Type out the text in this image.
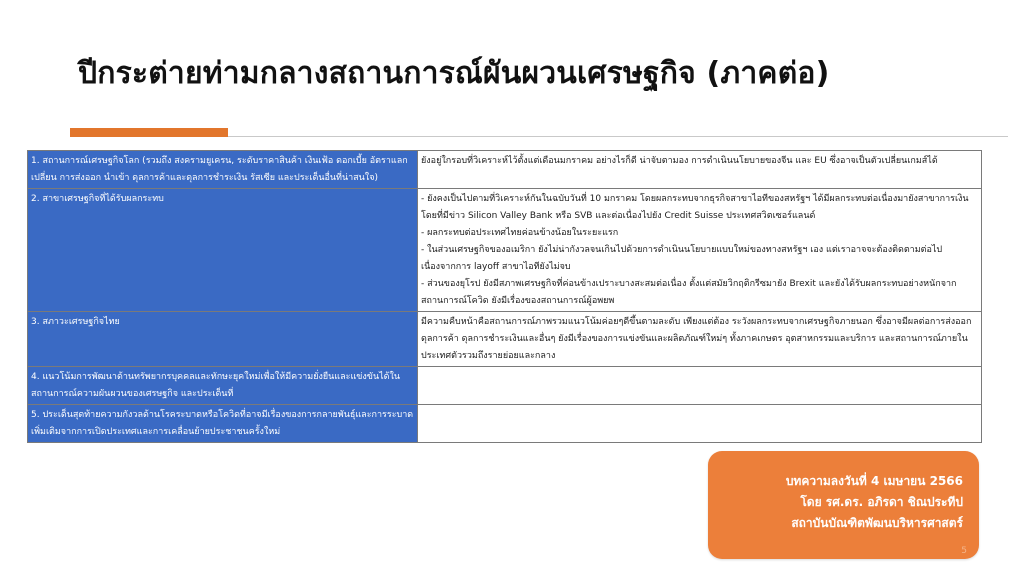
ปีกระต่ายท่ามกลางสถานการณ์ผันผวนเศรษฐกิจ (ภาคต่อ)
1. สถานการณ์เศรษฐกิจโลก (รวมถึง สงครามยูเครน, ระดับราคาสินค้า เงินเฟ้อ ดอกเบี้ย อัตราแลกเปลี่ยน การส่งออก นำเข้า ดุลการค้าและดุลการชำระเงิน รัสเซีย และประเด็นอื่นที่น่าสนใจ)	ยังอยู่ใกรอบที่วิเคราะห์ไว้ตั้งแต่เดือนมกราคม อย่างไรก็ดี น่าจับตามอง การดำเนินนโยบายของจีน และ EU ซึ่งอาจเป็นตัวเปลี่ยนเกมส์ได้

2. สาขาเศรษฐกิจที่ได้รับผลกระทบ	- ยังคงเป็นไปตามที่วิเคราะห์กันในฉบับวันที่ 10 มกราคม โดยผลกระทบจากธุรกิจสาขาไอทีของสหรัฐฯ ได้มีผลกระทบต่อเนื่องมายังสาขาการเงินโดยที่มีข่าว Silicon Valley Bank หรือ SVB และต่อเนื่องไปยัง Credit Suisse ประเทศสวิตเซอร์แลนด์
- ผลกระทบต่อประเทศไทยค่อนข้างน้อยในระยะแรก
- ในส่วนเศรษฐกิจของอเมริกา ยังไม่น่ากังวลจนเกินไปด้วยการดำเนินนโยบายแบบใหม่ของทางสหรัฐฯ เอง แต่เราอาจจะต้องติดตามต่อไป เนื่องจากการ layoff สาขาไอทียังไม่จบ
- ส่วนของยุโรป ยังมีสภาพเศรษฐกิจที่ค่อนข้างเปราะบางสะสมต่อเนื่อง ตั้งแต่สมัยวิกฤติกรีซมายัง Brexit และยังได้รับผลกระทบอย่างหนักจากสถานการณ์โควิด ยังมีเรื่องของสถานการณ์ผู้อพยพ

3. สภาวะเศรษฐกิจไทย	มีความคืบหน้าคือสถานการณ์ภาพรวมแนวโน้มค่อยๆดีขึ้นตามละดับ เพียงแต่ต้อง ระวังผลกระทบจากเศรษฐกิจภายนอก ซึ่งอาจมีผลต่อการส่งออก ดุลการค้า ดุลการชำระเงินและอื่นๆ ยังมีเรื่องของการแข่งขันและผลิตภัณฑ์ใหม่ๆ ทั้งภาคเกษตร อุตสาหกรรมและบริการ และสถานการณ์ภายในประเทศตัวรวมถึงรายย่อยและกลาง

4. แนวโน้มการพัฒนาด้านทรัพยากรบุคคลและทักษะยุคใหม่เพื่อให้มีความยั่งยืนและแข่งขันได้ในสถานการณ์ความผันผวนของเศรษฐกิจ และประเด็นที่	
5. ประเด็นสุดท้ายความกังวลด้านโรคระบาดหรือโควิดที่อาจมีเรื่องของการกลายพันธุ์และการระบาดเพิ่มเติมจากการเปิดประเทศและการเคลื่อนย้ายประชาชนครั้งใหม่	
บทความลงวันที่ 4 เมษายน 2566
โดย รศ.ดร. อภิรดา ชิณประทีป
สถาบันบัณฑิตพัฒนบริหารศาสตร์
5
